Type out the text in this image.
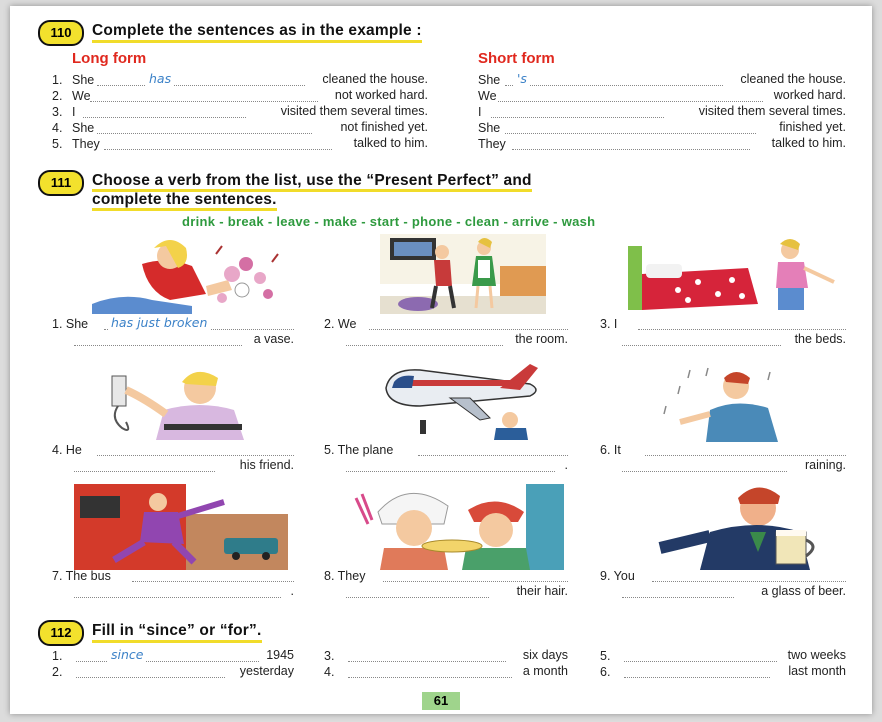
110	Complete the sentences as in the example :
Long form	Short form
1. She	has	cleaned the house.
2. We	not worked hard.
3. I	visited them several times.
4. She	not finished yet.
5. They	talked to him.
She 's	cleaned the house.
We	worked hard.
I	visited them several times.
She	finished yet.
They	talked to him.
111	Choose a verb from the list, use the “Present Perfect” and
complete the sentences.
drink - break - leave - make - start - phone - clean - arrive - wash
1. She has just broken
a vase.
2. We
the room.
3. I
the beds.
4. He
his friend.
5. The plane
.
6. It
raining.
7. The bus
.
8. They
their hair.
9. You
a glass of beer.
112	Fill in “since” or “for”.
1.	since	1945
2.	yesterday
3.	six days
4.	a month
5.	two weeks
6.	last month
61
